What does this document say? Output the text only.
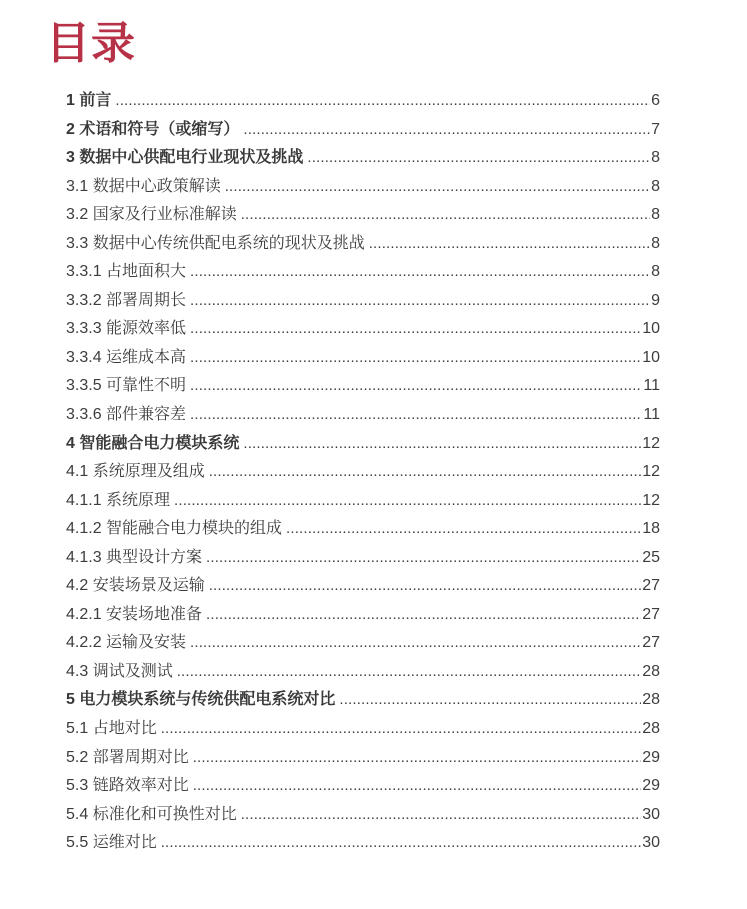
目录
1 前言 . . .	6
2 术语和符号（或缩写） . . .	7
3 数据中心供配电行业现状及挑战 . . .	8
3.1 数据中心政策解读 . . .	8
3.2 国家及行业标准解读 . . .	8
3.3 数据中心传统供配电系统的现状及挑战 . . .	8
3.3.1 占地面积大 . . .	8
3.3.2 部署周期长 . . .	9
3.3.3 能源效率低 . . .	10
3.3.4 运维成本高 . . .	10
3.3.5 可靠性不明 . . .	11
3.3.6 部件兼容差 . . .	11
4 智能融合电力模块系统 . . .	12
4.1 系统原理及组成 . . .	12
4.1.1 系统原理 . . .	12
4.1.2 智能融合电力模块的组成 . . .	18
4.1.3 典型设计方案 . . .	25
4.2 安装场景及运输 . . .	27
4.2.1 安装场地准备 . . .	27
4.2.2 运输及安装 . . .	27
4.3 调试及测试 . . .	28
5 电力模块系统与传统供配电系统对比 . . .	28
5.1 占地对比 . . .	28
5.2 部署周期对比 . . .	29
5.3 链路效率对比 . . .	29
5.4 标准化和可换性对比 . . .	30
5.5 运维对比 . . .	30
